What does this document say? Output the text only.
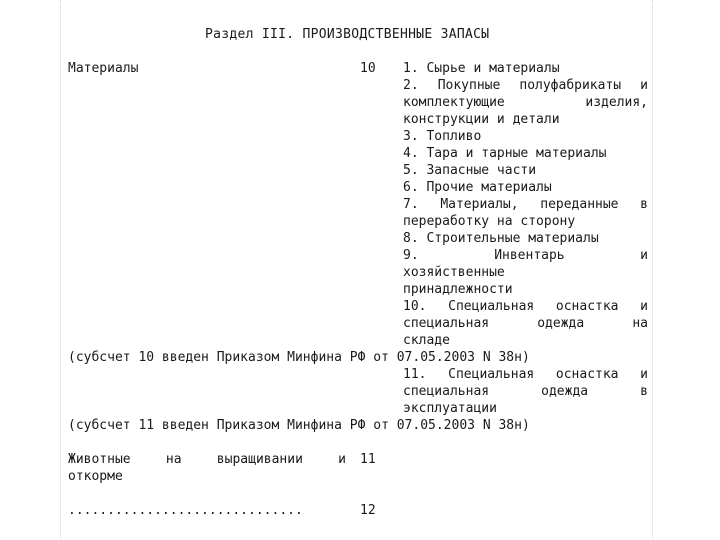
Раздел III. ПРОИЗВОДСТВЕННЫЕ ЗАПАСЫ
Материалы	10 1. Сырье и материалы
2. Покупные полуфабрикаты и
комплектующие изделия,
конструкции и детали
3. Топливо
4. Тара и тарные материалы
5. Запасные части
6. Прочие материалы
7. Материалы, переданные в
переработку на сторону
8. Строительные материалы
9. Инвентарь и
хозяйственные
принадлежности
10. Специальная оснастка и
специальная одежда на
складе
(субсчет 10 введен Приказом Минфина РФ от 07.05.2003 N 38н)
11. Специальная оснастка и
специальная одежда в
эксплуатации
(субсчет 11 введен Приказом Минфина РФ от 07.05.2003 N 38н)
Животные на выращивании и
откорме
11
..............................	12
